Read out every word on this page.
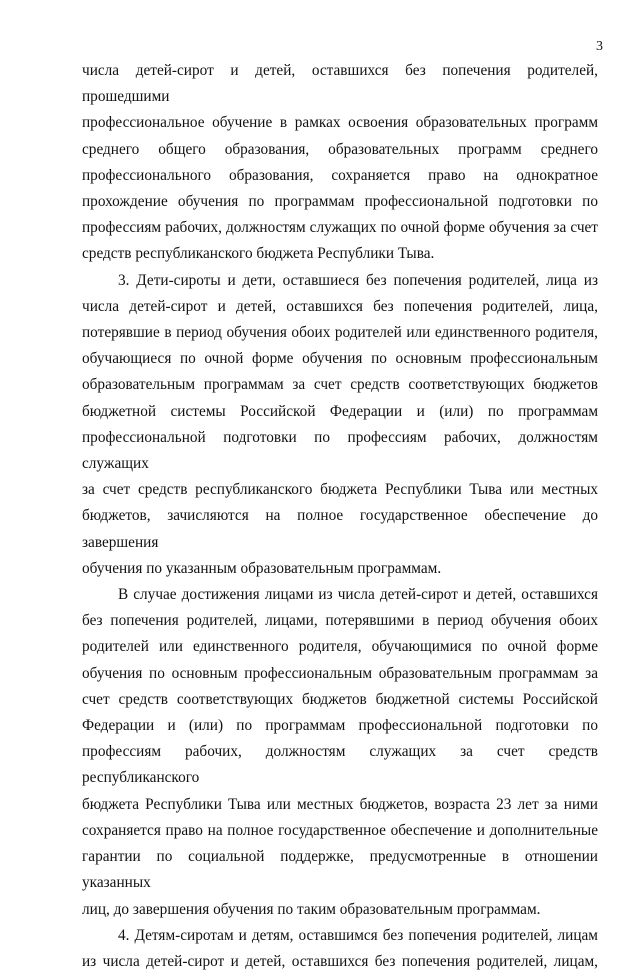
3
числа детей-сирот и детей, оставшихся без попечения родителей, прошедшими
профессиональное обучение в рамках освоения образовательных программ
среднего общего образования, образовательных программ среднего
профессионального образования, сохраняется право на однократное
прохождение обучения по программам профессиональной подготовки по
профессиям рабочих, должностям служащих по очной форме обучения за счет
средств республиканского бюджета Республики Тыва.
3. Дети-сироты и дети, оставшиеся без попечения родителей, лица из
числа детей-сирот и детей, оставшихся без попечения родителей, лица,
потерявшие в период обучения обоих родителей или единственного родителя,
обучающиеся по очной форме обучения по основным профессиональным
образовательным программам за счет средств соответствующих бюджетов
бюджетной системы Российской Федерации и (или) по программам
профессиональной подготовки по профессиям рабочих, должностям служащих
за счет средств республиканского бюджета Республики Тыва или местных
бюджетов, зачисляются на полное государственное обеспечение до завершения
обучения по указанным образовательным программам.
В случае достижения лицами из числа детей-сирот и детей, оставшихся
без попечения родителей, лицами, потерявшими в период обучения обоих
родителей или единственного родителя, обучающимися по очной форме
обучения по основным профессиональным образовательным программам за
счет средств соответствующих бюджетов бюджетной системы Российской
Федерации и (или) по программам профессиональной подготовки по
профессиям рабочих, должностям служащих за счет средств республиканского
бюджета Республики Тыва или местных бюджетов, возраста 23 лет за ними
сохраняется право на полное государственное обеспечение и дополнительные
гарантии по социальной поддержке, предусмотренные в отношении указанных
лиц, до завершения обучения по таким образовательным программам.
4. Детям-сиротам и детям, оставшимся без попечения родителей, лицам
из числа детей-сирот и детей, оставшихся без попечения родителей, лицам,
